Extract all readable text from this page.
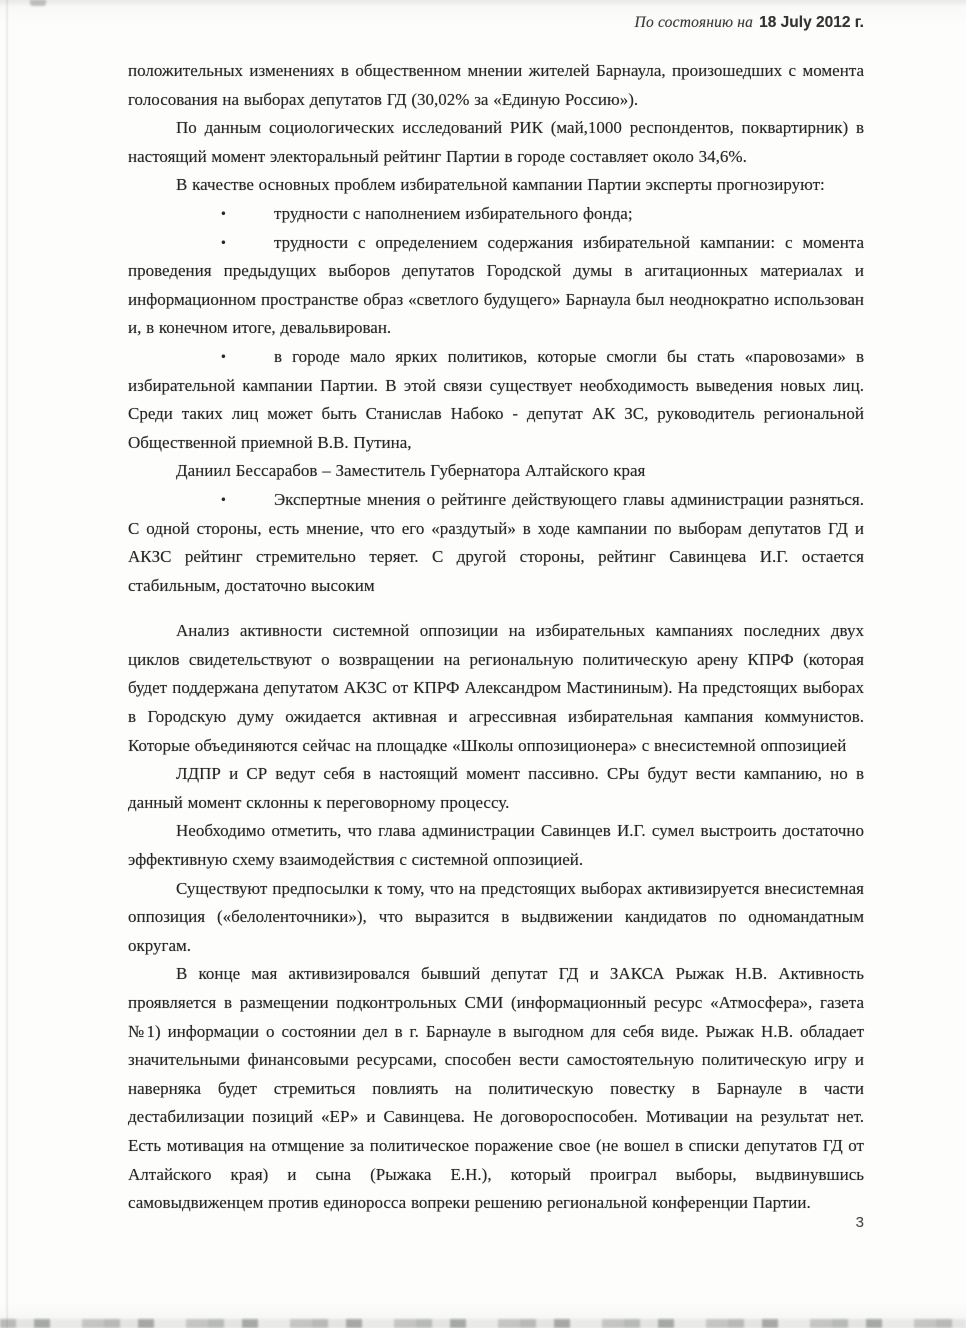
По состоянию на 18 July 2012 г.

положительных изменениях в общественном мнении жителей Барнаула, произошедших с момента голосования на выборах депутатов ГД (30,02% за «Единую Россию»).

По данным социологических исследований РИК (май,1000 респондентов, поквартирник) в настоящий момент электоральный рейтинг Партии в городе составляет около 34,6%.

В качестве основных проблем избирательной кампании Партии эксперты прогнозируют:

•	трудности с наполнением избирательного фонда;

•	трудности с определением содержания избирательной кампании: с момента проведения предыдущих выборов депутатов Городской думы в агитационных материалах и информационном пространстве образ «светлого будущего» Барнаула был неоднократно использован и, в конечном итоге, девальвирован.

•	в городе мало ярких политиков, которые смогли бы стать «паровозами» в избирательной кампании Партии. В этой связи существует необходимость выведения новых лиц. Среди таких лиц может быть Станислав Набоко - депутат АК ЗС, руководитель региональной Общественной приемной В.В. Путина,

Даниил Бессарабов – Заместитель Губернатора Алтайского края

•	Экспертные мнения о рейтинге действующего главы администрации разняться. С одной стороны, есть мнение, что его «раздутый» в ходе кампании по выборам депутатов ГД и АКЗС рейтинг стремительно теряет. С другой стороны, рейтинг Савинцева И.Г. остается стабильным, достаточно высоким

Анализ активности системной оппозиции на избирательных кампаниях последних двух циклов свидетельствуют о возвращении на региональную политическую арену КПРФ (которая будет поддержана депутатом АКЗС от КПРФ Александром Мастининым). На предстоящих выборах в Городскую думу ожидается активная и агрессивная избирательная кампания коммунистов. Которые объединяются сейчас на площадке «Школы оппозиционера» с внесистемной оппозицией

ЛДПР и СР ведут себя в настоящий момент пассивно. СРы будут вести кампанию, но в данный момент склонны к переговорному процессу.

Необходимо отметить, что глава администрации Савинцев И.Г. сумел выстроить достаточно эффективную схему взаимодействия с системной оппозицией.

Существуют предпосылки к тому, что на предстоящих выборах активизируется внесистемная оппозиция («белоленточники»), что выразится в выдвижении кандидатов по одномандатным округам.

В конце мая активизировался бывший депутат ГД и ЗАКСА Рыжак Н.В. Активность проявляется в размещении подконтрольных СМИ (информационный ресурс «Атмосфера», газета №1) информации о состоянии дел в г. Барнауле в выгодном для себя виде. Рыжак Н.В. обладает значительными финансовыми ресурсами, способен вести самостоятельную политическую игру и наверняка будет стремиться повлиять на политическую повестку в Барнауле в части дестабилизации позиций «ЕР» и Савинцева. Не договороспособен. Мотивации на результат нет. Есть мотивация на отмщение за политическое поражение свое (не вошел в списки депутатов ГД от Алтайского края) и сына (Рыжака Е.Н.), который проиграл выборы, выдвинувшись самовыдвиженцем против единоросса вопреки решению региональной конференции Партии.

3
